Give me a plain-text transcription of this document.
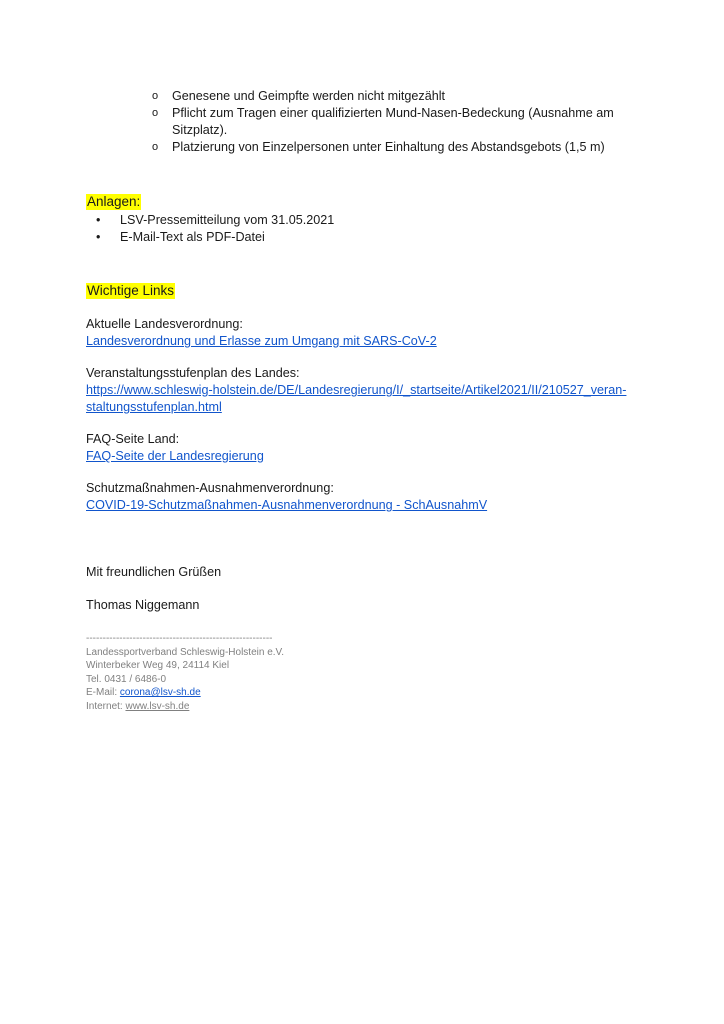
o Genesene und Geimpfte werden nicht mitgezählt
o Pflicht zum Tragen einer qualifizierten Mund-Nasen-Bedeckung (Ausnahme am
Sitzplatz).
o Platzierung von Einzelpersonen unter Einhaltung des Abstandsgebots (1,5 m)
Anlagen:
• LSV-Pressemitteilung vom 31.05.2021
• E-Mail-Text als PDF-Datei
Wichtige Links
Aktuelle Landesverordnung:
Landesverordnung und Erlasse zum Umgang mit SARS-CoV-2
Veranstaltungsstufenplan des Landes:
https://www.schleswig-holstein.de/DE/Landesregierung/I/_startseite/Artikel2021/II/210527_veran-
staltungsstufenplan.html
FAQ-Seite Land:
FAQ-Seite der Landesregierung
Schutzmaßnahmen-Ausnahmenverordnung:
COVID-19-Schutzmaßnahmen-Ausnahmenverordnung - SchAusnahmV
Mit freundlichen Grüßen
Thomas Niggemann
--------------------------------------------------------
Landessportverband Schleswig-Holstein e.V.
Winterbeker Weg 49, 24114 Kiel
Tel. 0431 / 6486-0
E-Mail: corona@lsv-sh.de
Internet: www.lsv-sh.de
